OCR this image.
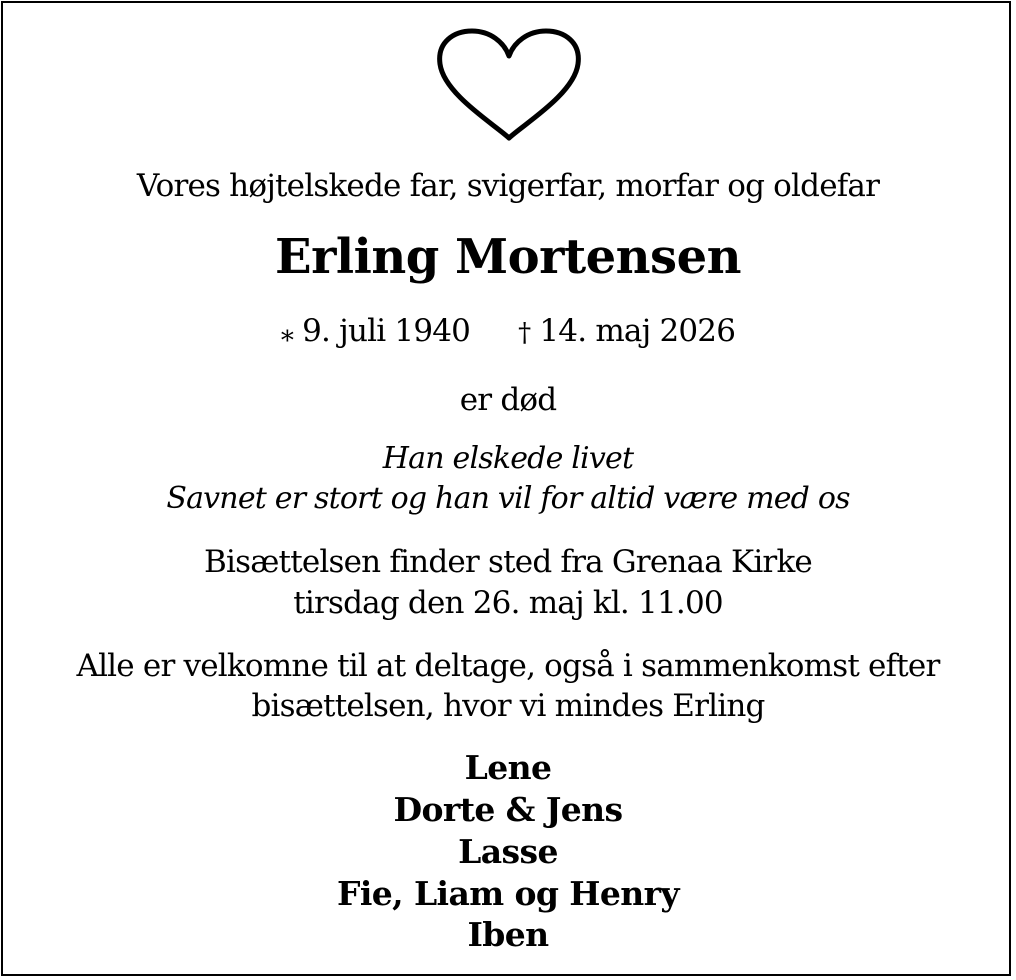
Vores højtelskede far, svigerfar, morfar og oldefar
Erling Mortensen
⁎ 9. juli 1940 † 14. maj 2026
er død
Han elskede livet
Savnet er stort og han vil for altid være med os
Bisættelsen finder sted fra Grenaa Kirke
tirsdag den 26. maj kl. 11.00
Alle er velkomne til at deltage, også i sammenkomst efter
bisættelsen, hvor vi mindes Erling
Lene
Dorte & Jens
Lasse
Fie, Liam og Henry
Iben
